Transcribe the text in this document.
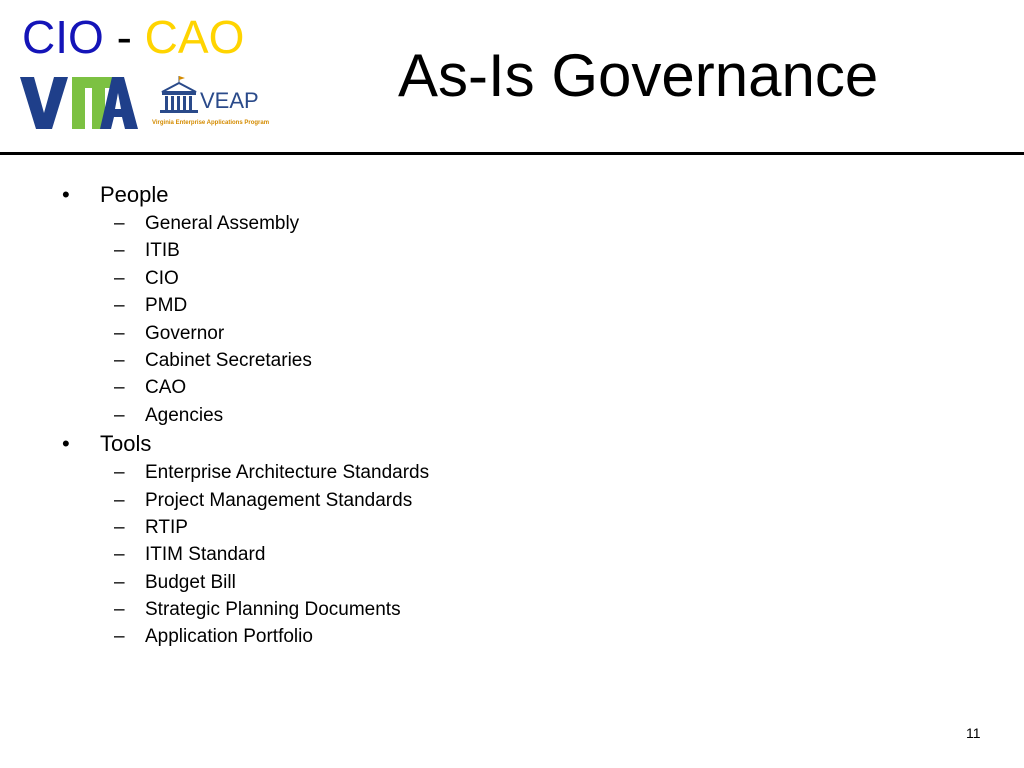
CIO - CAO
VEAP
Virginia Enterprise Applications Program
As-Is Governance
• People
– General Assembly
– ITIB
– CIO
– PMD
– Governor
– Cabinet Secretaries
– CAO
– Agencies
• Tools
– Enterprise Architecture Standards
– Project Management Standards
– RTIP
– ITIM Standard
– Budget Bill
– Strategic Planning Documents
– Application Portfolio
11
